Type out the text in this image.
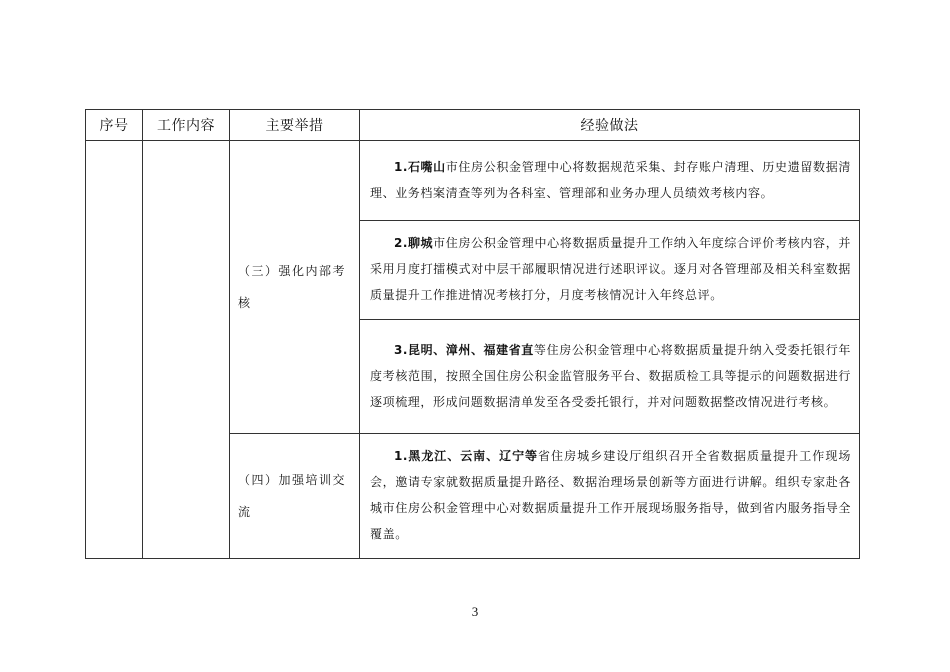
序号	工作内容	主要举措	经验做法
		（三）强化内部考核	1.石嘴山市住房公积金管理中心将数据规范采集、封存账户清理、历史遗留数据清理、业务档案清查等列为各科室、管理部和业务办理人员绩效考核内容。
			2.聊城市住房公积金管理中心将数据质量提升工作纳入年度综合评价考核内容，并采用月度打擂模式对中层干部履职情况进行述职评议。逐月对各管理部及相关科室数据质量提升工作推进情况考核打分，月度考核情况计入年终总评。
			3.昆明、漳州、福建省直等住房公积金管理中心将数据质量提升纳入受委托银行年度考核范围，按照全国住房公积金监管服务平台、数据质检工具等提示的问题数据进行逐项梳理，形成问题数据清单发至各受委托银行，并对问题数据整改情况进行考核。
		（四）加强培训交流	1.黑龙江、云南、辽宁等省住房城乡建设厅组织召开全省数据质量提升工作现场会，邀请专家就数据质量提升路径、数据治理场景创新等方面进行讲解。组织专家赴各城市住房公积金管理中心对数据质量提升工作开展现场服务指导，做到省内服务指导全覆盖。
3
